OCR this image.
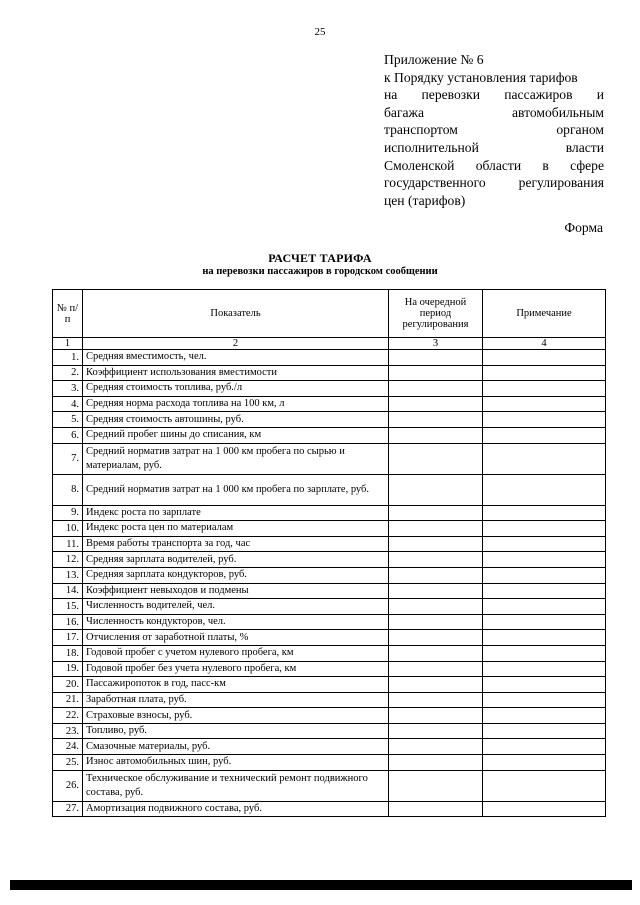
25
Приложение № 6
к Порядку установления тарифов
на перевозки пассажиров и
багажа	автомобильным
транспортом	органом
исполнительной	власти
Смоленской области в сфере
государственного регулирования
цен (тарифов)
Форма
РАСЧЕТ ТАРИФА
на перевозки пассажиров в городском сообщении
№ п/п	Показатель	На очередной период регулирования	Примечание
1	2	3	4
1.	Средняя вместимость, чел.		
2.	Коэффициент использования вместимости		
3.	Средняя стоимость топлива, руб./л		
4.	Средняя норма расхода топлива на 100 км, л		
5.	Средняя стоимость автошины, руб.		
6.	Средний пробег шины до списания, км		
7.	Средний норматив затрат на 1 000 км пробега по сырью и материалам, руб.		
8.	Средний норматив затрат на 1 000 км пробега по зарплате, руб.		
9.	Индекс роста по зарплате		
10.	Индекс роста цен по материалам		
11.	Время работы транспорта за год, час		
12.	Средняя зарплата водителей, руб.		
13.	Средняя зарплата кондукторов, руб.		
14.	Коэффициент невыходов и подмены		
15.	Численность водителей, чел.		
16.	Численность кондукторов, чел.		
17.	Отчисления от заработной платы, %		
18.	Годовой пробег с учетом нулевого пробега, км		
19.	Годовой пробег без учета нулевого пробега, км		
20.	Пассажиропоток в год, пасс-км		
21.	Заработная плата, руб.		
22.	Страховые взносы, руб.		
23.	Топливо, руб.		
24.	Смазочные материалы, руб.		
25.	Износ автомобильных шин, руб.		
26.	Техническое обслуживание и технический ремонт подвижного состава, руб.		
27.	Амортизация подвижного состава, руб.		
